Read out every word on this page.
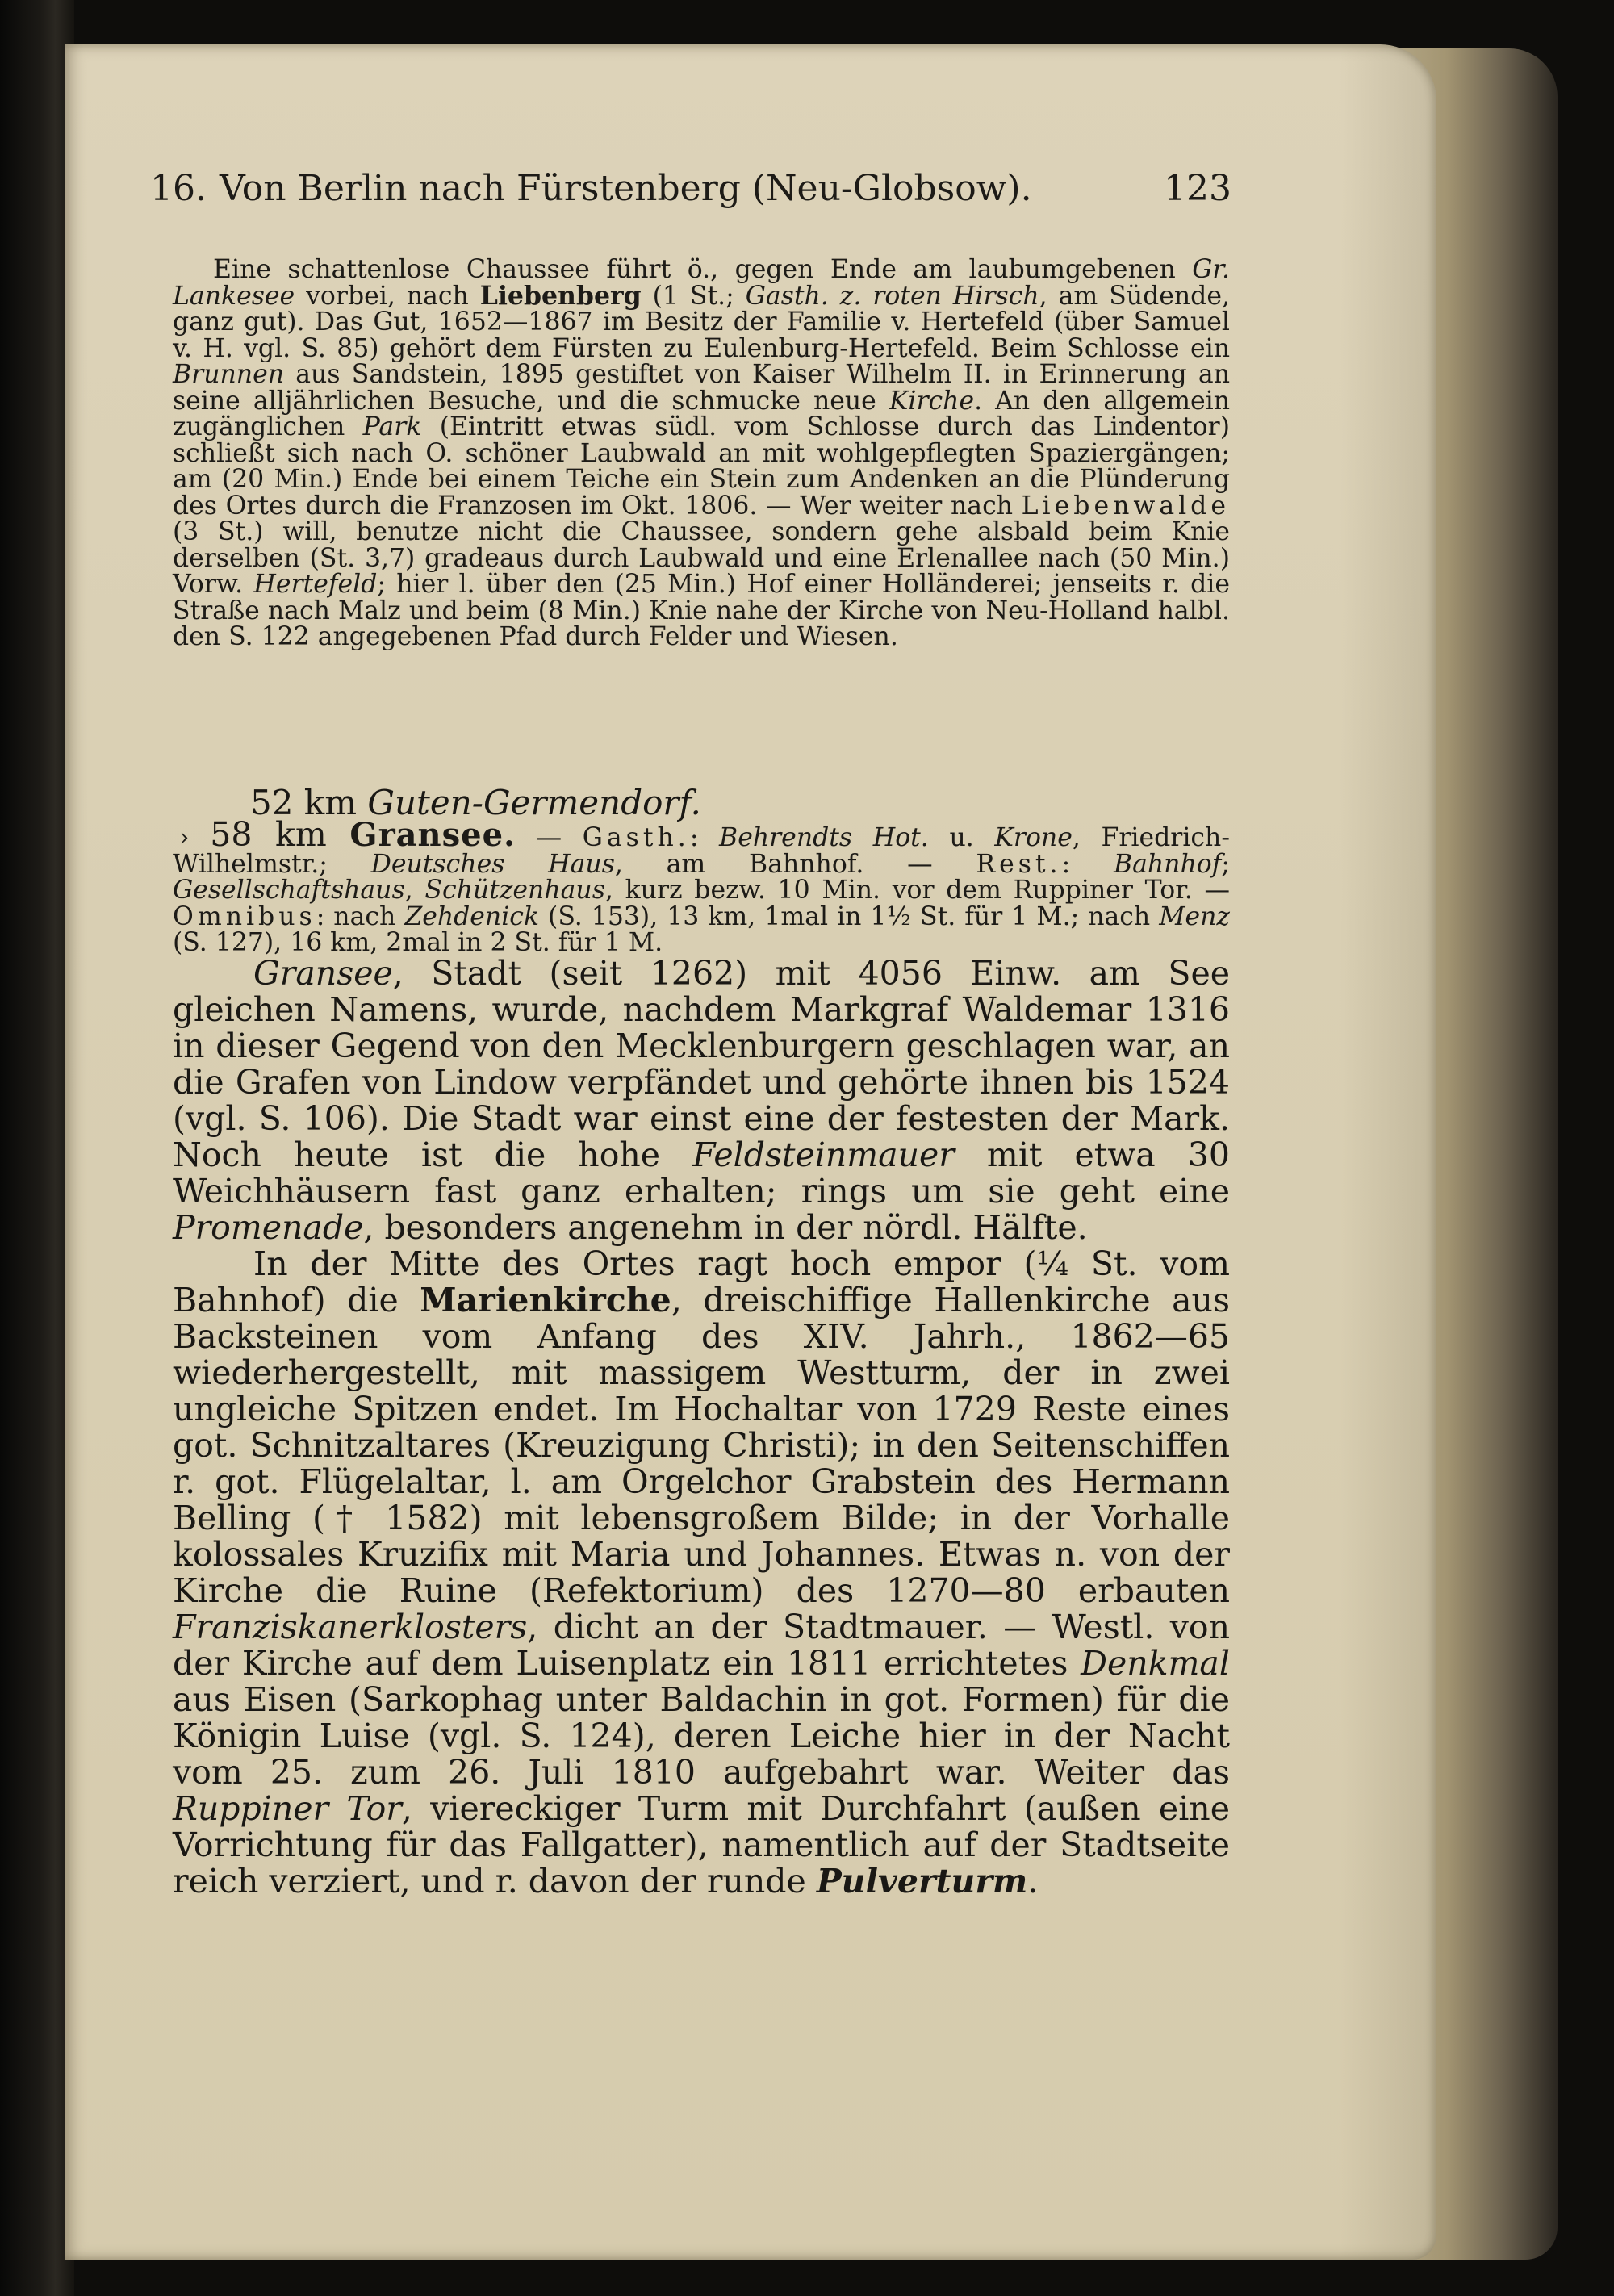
16. Von Berlin nach Fürstenberg (Neu-Globsow).	123

Eine schattenlose Chaussee führt ö., gegen Ende am laubumgebenen Gr. Lankesee vorbei, nach Liebenberg (1 St.; Gasth. z. roten Hirsch, am Südende, ganz gut). Das Gut, 1652—1867 im Besitz der Familie v. Hertefeld (über Samuel v. H. vgl. S. 85) gehört dem Fürsten zu Eulenburg-Hertefeld. Beim Schlosse ein Brunnen aus Sandstein, 1895 gestiftet von Kaiser Wilhelm II. in Erinnerung an seine alljährlichen Besuche, und die schmucke neue Kirche. An den allgemein zugänglichen Park (Eintritt etwas südl. vom Schlosse durch das Lindentor) schließt sich nach O. schöner Laubwald an mit wohlgepflegten Spaziergängen; am (20 Min.) Ende bei einem Teiche ein Stein zum Andenken an die Plünderung des Ortes durch die Franzosen im Okt. 1806. — Wer weiter nach Liebenwalde (3 St.) will, benutze nicht die Chaussee, sondern gehe alsbald beim Knie derselben (St. 3,7) gradeaus durch Laubwald und eine Erlenallee nach (50 Min.) Vorw. Hertefeld; hier l. über den (25 Min.) Hof einer Holländerei; jenseits r. die Straße nach Malz und beim (8 Min.) Knie nahe der Kirche von Neu-Holland halbl. den S. 122 angegebenen Pfad durch Felder und Wiesen.

52 km Guten-Germendorf.

› 58 km Gransee. — Gasth.: Behrendts Hot. u. Krone, Friedrich-Wilhelmstr.; Deutsches Haus, am Bahnhof. — Rest.: Bahnhof; Gesellschaftshaus, Schützenhaus, kurz bezw. 10 Min. vor dem Ruppiner Tor. — Omnibus: nach Zehdenick (S. 153), 13 km, 1mal in 1½ St. für 1 M.; nach Menz (S. 127), 16 km, 2mal in 2 St. für 1 M.

Gransee, Stadt (seit 1262) mit 4056 Einw. am See gleichen Namens, wurde, nachdem Markgraf Waldemar 1316 in dieser Gegend von den Mecklenburgern geschlagen war, an die Grafen von Lindow verpfändet und gehörte ihnen bis 1524 (vgl. S. 106). Die Stadt war einst eine der festesten der Mark. Noch heute ist die hohe Feldsteinmauer mit etwa 30 Weichhäusern fast ganz erhalten; rings um sie geht eine Promenade, besonders angenehm in der nördl. Hälfte.

In der Mitte des Ortes ragt hoch empor (¼ St. vom Bahnhof) die Marienkirche, dreischiffige Hallenkirche aus Backsteinen vom Anfang des XIV. Jahrh., 1862—65 wiederhergestellt, mit massigem Westturm, der in zwei ungleiche Spitzen endet. Im Hochaltar von 1729 Reste eines got. Schnitzaltares (Kreuzigung Christi); in den Seitenschiffen r. got. Flügelaltar, l. am Orgelchor Grabstein des Hermann Belling († 1582) mit lebensgroßem Bilde; in der Vorhalle kolossales Kruzifix mit Maria und Johannes. Etwas n. von der Kirche die Ruine (Refektorium) des 1270—80 erbauten Franziskanerklosters, dicht an der Stadtmauer. — Westl. von der Kirche auf dem Luisenplatz ein 1811 errichtetes Denkmal aus Eisen (Sarkophag unter Baldachin in got. Formen) für die Königin Luise (vgl. S. 124), deren Leiche hier in der Nacht vom 25. zum 26. Juli 1810 aufgebahrt war. Weiter das Ruppiner Tor, viereckiger Turm mit Durchfahrt (außen eine Vorrichtung für das Fallgatter), namentlich auf der Stadtseite reich verziert, und r. davon der runde Pulverturm.
